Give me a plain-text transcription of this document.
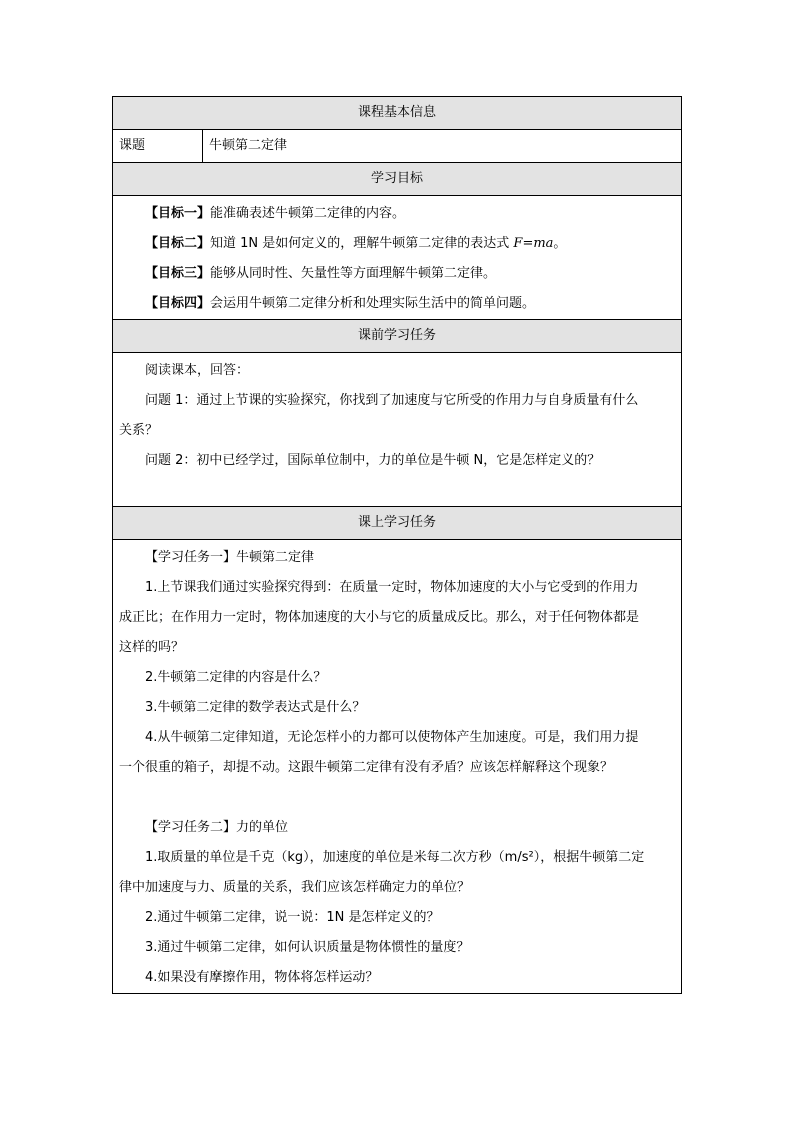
课程基本信息
课题	牛顿第二定律
学习目标

【目标一】能准确表述牛顿第二定律的内容。

【目标二】知道 1N 是如何定义的，理解牛顿第二定律的表达式 F=ma。

【目标三】能够从同时性、矢量性等方面理解牛顿第二定律。

【目标四】会运用牛顿第二定律分析和处理实际生活中的简单问题。

课前学习任务

阅读课本，回答：

问题 1：通过上节课的实验探究，你找到了加速度与它所受的作用力与自身质量有什么

关系？

问题 2：初中已经学过，国际单位制中，力的单位是牛顿 N，它是怎样定义的？

课上学习任务

【学习任务一】牛顿第二定律

1.上节课我们通过实验探究得到：在质量一定时，物体加速度的大小与它受到的作用力

成正比；在作用力一定时，物体加速度的大小与它的质量成反比。那么，对于任何物体都是

这样的吗？

2.牛顿第二定律的内容是什么？

3.牛顿第二定律的数学表达式是什么？

4.从牛顿第二定律知道，无论怎样小的力都可以使物体产生加速度。可是，我们用力提

一个很重的箱子，却提不动。这跟牛顿第二定律有没有矛盾？应该怎样解释这个现象？

【学习任务二】力的单位

1.取质量的单位是千克（kg），加速度的单位是米每二次方秒（m/s²），根据牛顿第二定

律中加速度与力、质量的关系，我们应该怎样确定力的单位？

2.通过牛顿第二定律，说一说：1N 是怎样定义的？

3.通过牛顿第二定律，如何认识质量是物体惯性的量度？

4.如果没有摩擦作用，物体将怎样运动？
